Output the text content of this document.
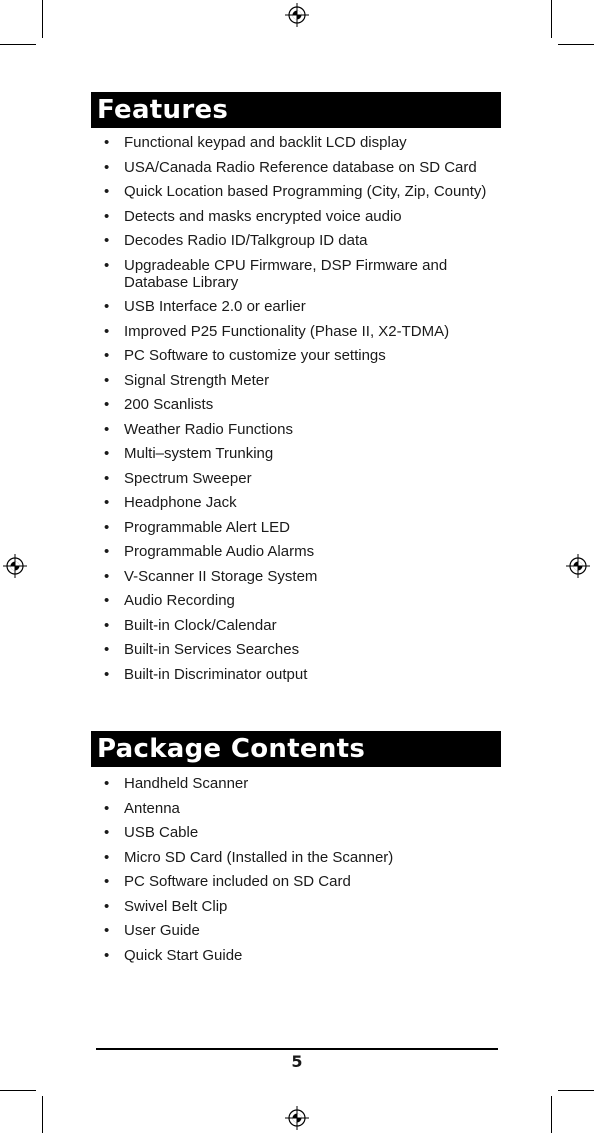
Features
• Functional keypad and backlit LCD display
• USA/Canada Radio Reference database on SD Card
• Quick Location based Programming (City, Zip, County)
• Detects and masks encrypted voice audio
• Decodes Radio ID/Talkgroup ID data
• Upgradeable CPU Firmware, DSP Firmware and Database Library
• USB Interface 2.0 or earlier
• Improved P25 Functionality (Phase II, X2-TDMA)
• PC Software to customize your settings
• Signal Strength Meter
• 200 Scanlists
• Weather Radio Functions
• Multi–system Trunking
• Spectrum Sweeper
• Headphone Jack
• Programmable Alert LED
• Programmable Audio Alarms
• V-Scanner II Storage System
• Audio Recording
• Built-in Clock/Calendar
• Built-in Services Searches
• Built-in Discriminator output
Package Contents
• Handheld Scanner
• Antenna
• USB Cable
• Micro SD Card (Installed in the Scanner)
• PC Software included on SD Card
• Swivel Belt Clip
• User Guide
• Quick Start Guide
5
